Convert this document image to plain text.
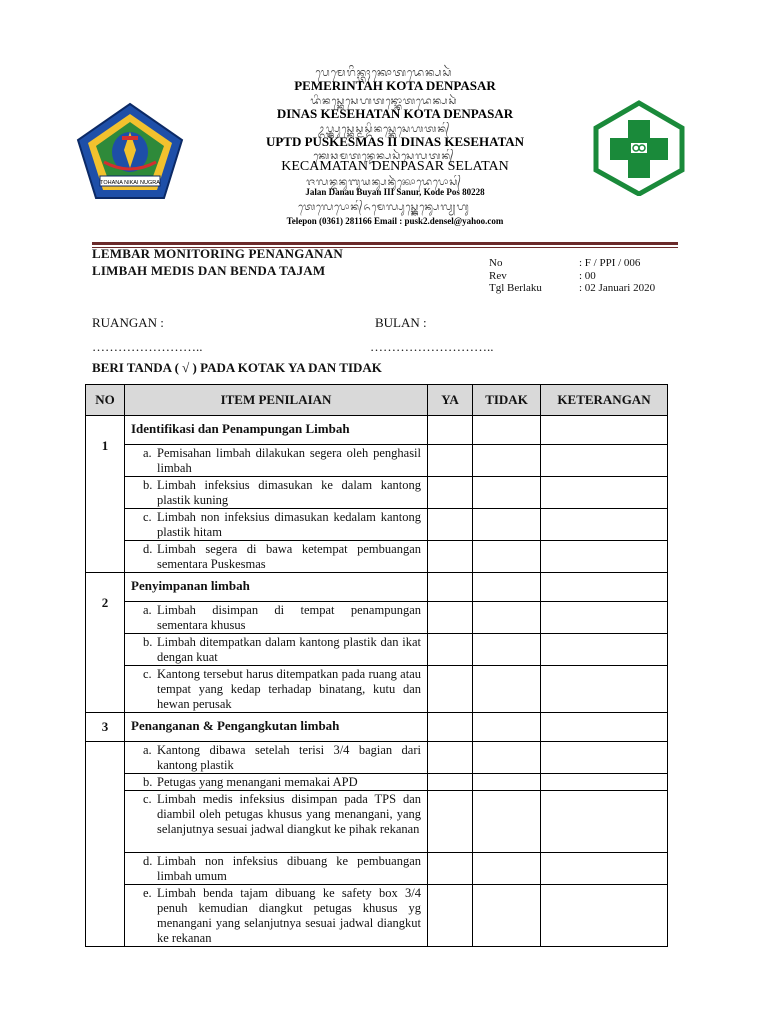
ᬧᬾᬫᬾᬭᬶᬦ᭄ᬢᬄᬓᭀᬢᬤᬾᬦ᭄ᬧᬲᬃ
PEMERINTAH KOTA DENPASAR
ᬤᬶᬦᬲ᭄ᬓᬾᬲᬾᬳᬢᬦ᭄ᬓᭀᬢᬤᬾᬦ᭄ᬧᬲᬃ
DINAS KESEHATAN KOTA DENPASAR
ᬉᬧ᭄ᬢ᭄ᬤ᭄ᬧᬸᬲ᭄ᬓᬾᬲ᭄ᬫᬲ᭄ᬤᬶᬦᬲ᭄ᬓᬾᬲᬾᬳᬢᬦ᭄
UPTD PUSKESMAS II DINAS KESEHATAN
ᬓᬾᬘᬫᬢᬦ᭄ᬤᬾᬦ᭄ᬧᬲᬃᬲᬾᬮᬢᬦ᭄
KECAMATAN DENPASAR SELATAN
ᬚᬮᬦ᭄ᬤᬦᬸᬩᬸᬬᬦ᭄ᬲᬦᬸᬃᬓᭀᬤᬾᬧᭀᬲ᭄
Jalan Danau Buyan III Sanur, Kode Pos 80228
ᬢᬾᬮᬾᬧᭀᬦ᭄ᬏᬫᬾᬮ᭄ᬧᬸᬲ᭄ᬓ᭄ᬤᬾᬦ᭄ᬲᬾᬮ᭄ᬬᬳᬸ
Telepon (0361) 281166 Email : pusk2.densel@yahoo.com
TOHANA NIKAI NUGRA
LEMBAR MONITORING PENANGANAN
LIMBAH MEDIS DAN BENDA TAJAM	No	: F / PPI / 006
Rev	: 00
Tgl Berlaku	: 02 Januari 2020
RUANGAN :	BULAN :
……………………..	………………………..
BERI TANDA ( √ ) PADA KOTAK YA DAN TIDAK
NO	ITEM PENILAIAN	YA	TIDAK	KETERANGAN
1	Identifikasi dan Penampungan Limbah			
	a. Pemisahan limbah dilakukan segera oleh penghasil limbah			
	b. Limbah infeksius dimasukan ke dalam kantong plastik kuning			
	c. Limbah non infeksius dimasukan kedalam kantong plastik hitam			
	d. Limbah segera di bawa ketempat pembuangan sementara Puskesmas			
2	Penyimpanan limbah			
	a. Limbah disimpan di tempat penampungan sementara khusus			
	b. Limbah ditempatkan dalam kantong plastik dan ikat dengan kuat			
	c. Kantong tersebut harus ditempatkan pada ruang atau tempat yang kedap terhadap binatang, kutu dan hewan perusak			
3	Penanganan & Pengangkutan limbah			
	a. Kantong dibawa setelah terisi 3/4 bagian dari kantong plastik			
	b. Petugas yang menangani memakai APD			
	c. Limbah medis infeksius disimpan pada TPS dan diambil oleh petugas khusus yang menangani, yang selanjutnya sesuai jadwal diangkut ke pihak rekanan			
	d. Limbah non infeksius dibuang ke pembuangan limbah umum			
	e. Limbah benda tajam dibuang ke safety box 3/4 penuh kemudian diangkut petugas khusus yg menangani yang selanjutnya sesuai jadwal diangkut ke rekanan			
